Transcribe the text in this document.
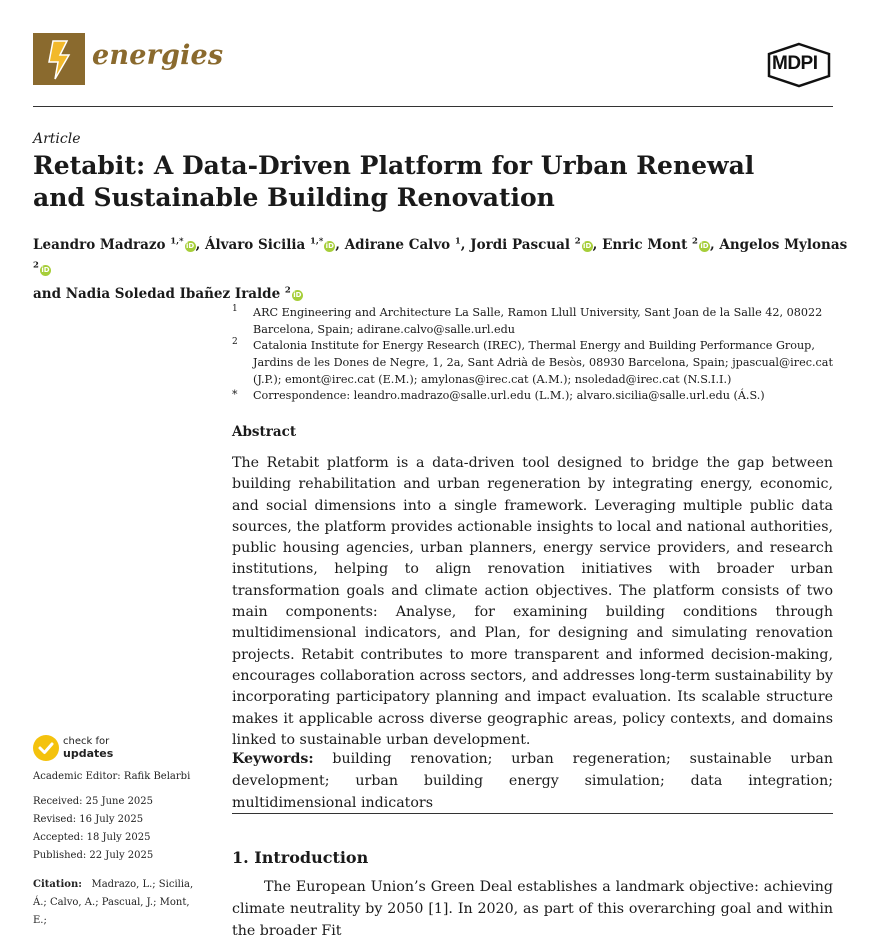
energies	MDPI
Article
Retabit: A Data-Driven Platform for Urban Renewal and Sustainable Building Renovation
Leandro Madrazo $^{1,*}$ iD, Álvaro Sicilia $^{1,*}$ iD, Adirane Calvo $^1$, Jordi Pascual $^2$ iD, Enric Mont $^2$ iD, Angelos Mylonas $^2$ iD
and Nadia Soledad Ibañez Iralde $^2$ iD
1 ARC Engineering and Architecture La Salle, Ramon Llull University, Sant Joan de la Salle 42, 08022 Barcelona, Spain; adirane.calvo@salle.url.edu
2 Catalonia Institute for Energy Research (IREC), Thermal Energy and Building Performance Group, Jardins de les Dones de Negre, 1, 2a, Sant Adrià de Besòs, 08930 Barcelona, Spain; jpascual@irec.cat (J.P.); emont@irec.cat (E.M.); amylonas@irec.cat (A.M.); nsoledad@irec.cat (N.S.I.I.)
* Correspondence: leandro.madrazo@salle.url.edu (L.M.); alvaro.sicilia@salle.url.edu (Á.S.)
Abstract
The Retabit platform is a data-driven tool designed to bridge the gap between building rehabilitation and urban regeneration by integrating energy, economic, and social dimensions into a single framework. Leveraging multiple public data sources, the platform provides actionable insights to local and national authorities, public housing agencies, urban planners, energy service providers, and research institutions, helping to align renovation initiatives with broader urban transformation goals and climate action objectives. The platform consists of two main components: Analyse, for examining building conditions through multidimensional indicators, and Plan, for designing and simulating renovation projects. Retabit contributes to more transparent and informed decision-making, encourages collaboration across sectors, and addresses long-term sustainability by incorporating participatory planning and impact evaluation. Its scalable structure makes it applicable across diverse geographic areas, policy contexts, and domains linked to sustainable urban development.
Keywords: building renovation; urban regeneration; sustainable urban development; urban building energy simulation; data integration; multidimensional indicators
1. Introduction
The European Union’s Green Deal establishes a landmark objective: achieving climate neutrality by 2050 [1]. In 2020, as part of this overarching goal and within the broader Fit
check for
updates
Academic Editor: Rafik Belarbi
Received: 25 June 2025
Revised: 16 July 2025
Accepted: 18 July 2025
Published: 22 July 2025
Citation: Madrazo, L.; Sicilia, Á.; Calvo, A.; Pascual, J.; Mont, E.;
